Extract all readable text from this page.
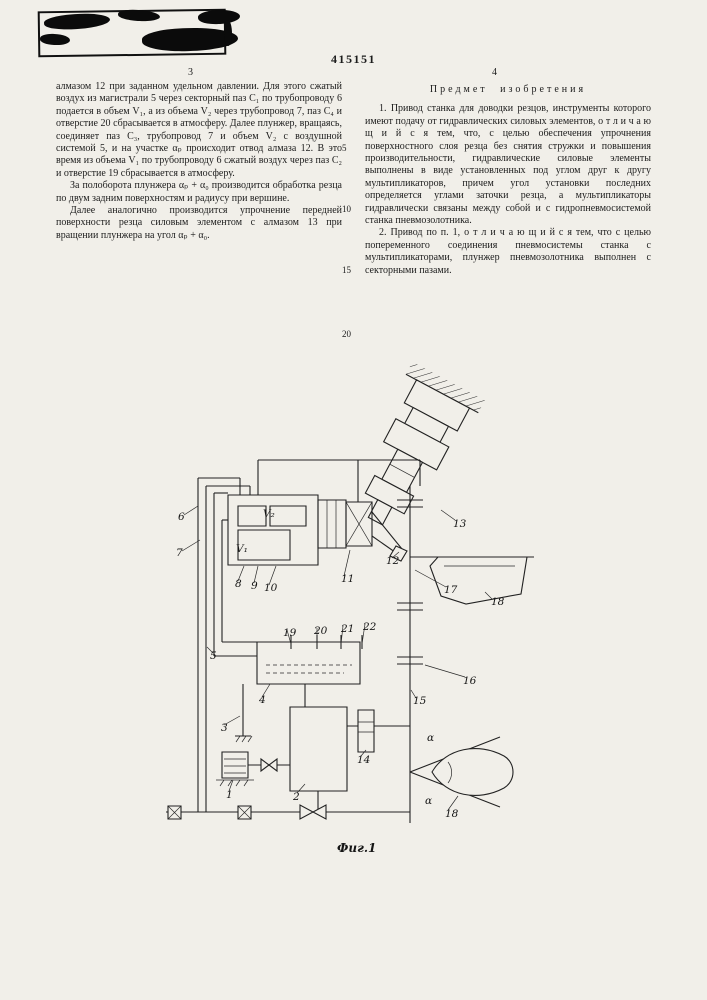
415151
3	4
5
10
15
20

алмазом 12 при заданном удельном давлении. Для этого сжатый воздух из магистрали 5 через секторный паз С₁ по трубопроводу 6 подается в объем V₁, а из объема V₂ через трубопровод 7, паз С₄ и отверстие 20 сбрасывается в атмосферу. Далее плунжер, вращаясь, соединяет паз С₃, трубопровод 7 и объем V₂ с воздушной системой 5, и на участке αₚ происходит отвод алмаза 12. В это время из объема V₁ по трубопроводу 6 сжатый воздух через паз С₂ и отверстие 19 сбрасывается в атмосферу.

За полоборота плунжера αₚ + α₀ производится обработка резца по двум задним поверхностям и радиусу при вершине.

Далее аналогично производится упрочнение передней поверхности резца силовым элементом с алмазом 13 при вращении плунжера на угол αₚ + α₀.

Предмет изобретения

1. Привод станка для доводки резцов, инструменты которого имеют подачу от гидравлических силовых элементов, о т л и ч а ю щ и й с я тем, что, с целью обеспечения упрочнения поверхностного слоя резца без снятия стружки и повышения производительности, гидравлические силовые элементы выполнены в виде установленных под углом друг к другу мультипликаторов, причем угол установки последних определяется углами заточки резца, а мультипликаторы гидравлически связаны между собой и с гидропневмосистемой станка пневмозолотника.

2. Привод по п. 1, о т л и ч а ю щ и й с я тем, что с целью попеременного соединения пневмосистемы станка с мультипликаторами, плунжер пневмозолотника выполнен с секторными пазами.

6
7
V₂
V₁
8 9 10
11
12
13
17
18
19 20 21 22
5
16
4	15
3
14
1	2
α
α
18
Фиг.1
